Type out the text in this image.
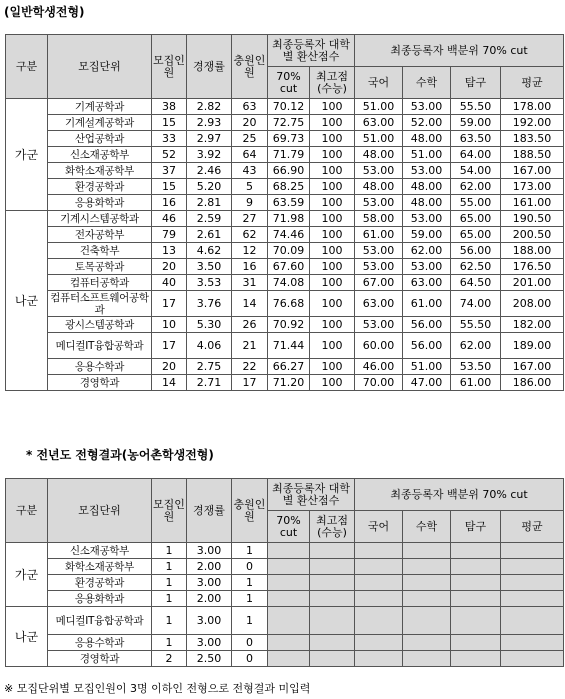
(일반학생전형)
구분	모집단위	모집인원	경쟁률	충원인원	최종등록자 대학별 환산점수		최종등록자 백분위 70% cut			
					70% cut	최고점 (수능)	국어	수학	탐구	평균
가군	기계공학과	38	2.82	63	70.12	100	51.00	53.00	55.50	178.00
	기계설계공학과	15	2.93	20	72.75	100	63.00	52.00	59.00	192.00
	산업공학과	33	2.97	25	69.73	100	51.00	48.00	63.50	183.50
	신소재공학부	52	3.92	64	71.79	100	48.00	51.00	64.00	188.50
	화학소재공학부	37	2.46	43	66.90	100	53.00	53.00	54.00	167.00
	환경공학과	15	5.20	5	68.25	100	48.00	48.00	62.00	173.00
	응용화학과	16	2.81	9	63.59	100	53.00	48.00	55.00	161.00
나군	기계시스템공학과	46	2.59	27	71.98	100	58.00	53.00	65.00	190.50
	전자공학부	79	2.61	62	74.46	100	61.00	59.00	65.00	200.50
	건축학부	13	4.62	12	70.09	100	53.00	62.00	56.00	188.00
	토목공학과	20	3.50	16	67.60	100	53.00	53.00	62.50	176.50
	컴퓨터공학과	40	3.53	31	74.08	100	67.00	63.00	64.50	201.00
	컴퓨터소프트웨어공학과	17	3.76	14	76.68	100	63.00	61.00	74.00	208.00
	광시스템공학과	10	5.30	26	70.92	100	53.00	56.00	55.50	182.00
	메디컬IT융합공학과	17	4.06	21	71.44	100	60.00	56.00	62.00	189.00
	응용수학과	20	2.75	22	66.27	100	46.00	51.00	53.50	167.00
	경영학과	14	2.71	17	71.20	100	70.00	47.00	61.00	186.00
* 전년도 전형결과(농어촌학생전형)
구분	모집단위	모집인원	경쟁률	충원인원	최종등록자 대학별 환산점수		최종등록자 백분위 70% cut			
					70% cut	최고점 (수능)	국어	수학	탐구	평균
가군	신소재공학부	1	3.00	1						
	화학소재공학부	1	2.00	0						
	환경공학과	1	3.00	1						
	응용화학과	1	2.00	1						
나군	메디컬IT융합공학과	1	3.00	1						
	응용수학과	1	3.00	0						
	경영학과	2	2.50	0						
※ 모집단위별 모집인원이 3명 이하인 전형으로 전형결과 미입력
